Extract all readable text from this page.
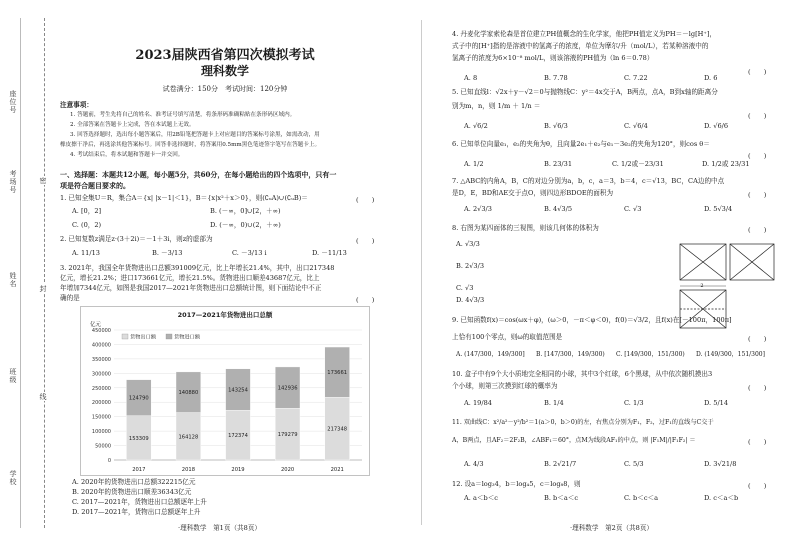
座位号
考场号
姓名
班级
学校
密
封
线
2023届陕西省第四次模拟考试
理科数学
试卷满分：150分　考试时间：120分钟
注意事项：
1. 答题前，考生先将自己的姓名、准考证号填写清楚，将条形码准确粘贴在条形码区域内。
2. 全部答案在答题卡上完成，答在本试题上无效。
3. 回答选择题时，选出每小题答案后，用2B铅笔把答题卡上对应题目的答案标号涂黑，如需改动，用
橡皮擦干净后，再选涂其他答案标号。回答非选择题时，将答案用0.5mm黑色笔迹签字笔写在答题卡上。
4. 考试结束后，将本试题和答题卡一并交回。
一、选择题：本题共12小题，每小题5分，共60分，在每小题给出的四个选项中，只有一
项是符合题目要求的。
1. 已知全集U＝R，集合A＝{x| |x－1|＜1}，B＝{x|x²＋x＞0}，则(∁ᵤA)∪(∁ᵤB)＝	(　　)
A. [0，2]	B. (－∞，0]∪[2，＋∞)
C. (0，2)	D. (－∞，0)∪(2，＋∞)
2. 已知复数z满足z·(3＋2i)＝－1＋3i，则z的虚部为	(　　)
A. 11/13	B. －3/13	C. －3/13 i	D. －11/13
3. 2021年，我国全年货物进出口总额391009亿元，比上年增长21.4%，其中，出口217348
亿元，增长21.2%；进口173661亿元，增长21.5%。货物进出口顺差43687亿元，比上
年增加7344亿元，如图是我国2017—2021年货物进出口总额统计图，则下面结论中不正
确的是	(　　)
2017—2021年货物进出口总额
亿元
0
50000
100000
150000
200000
250000
300000
350000
400000
450000
153309
124790
2017
164128
140880
2018
172374
143254
2019
179279
142936
2020
217348
173661
2021
货物出口额	货物进口额
A. 2020年的货物进出口总额322215亿元
B. 2020年的货物进出口顺差36343亿元
C. 2017—2021年，货物进出口总额逐年上升
D. 2017—2021年，货物出口总额逐年上升
·理科数学　第1页（共8页）
4. 丹麦化学家索伦森是首位建立PH值概念的生化学家，他把PH值定义为PH＝－lg[H⁺]，
式子中的[H⁺]指的是溶液中的氢离子的浓度，单位为摩尔/升（mol/L），若某种溶液中的
氢离子的浓度为6×10⁻⁸ mol/L，则该溶液的PH值为（ln 6＝0.78）
(　　)
A. 8	B. 7.78	C. 7.22	D. 6
5. 已知直线l：√2x＋y－√2＝0与抛物线C：y²＝4x交于A，B两点，点A，B到x轴的距离分
别为m，n，则 1/m ＋ 1/n ＝
(　　)
A. √6/2	B. √6/3	C. √6/4	D. √6/6
6. 已知单位向量e₁，e₂的夹角为θ，且向量2e₁＋e₂与e₁－3e₂的夹角为120°，则cos θ＝
(　　)
A. 1/2	B. 23/31	C. 1/2或－23/31	D. 1/2或 23/31
7. △ABC的内角A，B，C的对边分别为a，b，c，a＝3，b＝4，c＝√13，BC，CA边的中点
是D，E，BD和AE交于点O，则四边形BDOE的面积为	(　　)
A. 2√3/3	B. 4√3/5	C. √3	D. 5√3/4
8. 右图为某四面体的三视图，则该几何体的体积为	(　　)
A. √3/3
B. 2√3/3
C. √3
D. 4√3/3
2
9. 已知函数f(x)＝cos(ωx＋φ)，(ω＞0，－π＜φ＜0)，f(0)＝√3/2，且f(x)在[－100π，100π]
上恰有100个零点，则ω的取值范围是	(　　)
A. (147/300，149/300] B. [147/300，149/300) C. [149/300，151/300) D. (149/300，151/300]
10. 盒子中有9个大小质地完全相同的小球，其中3个红球，6个黑球，从中依次随机摸出3
个小球，则第三次摸到红球的概率为	(　　)
A. 19/84	B. 1/4	C. 1/3	D. 5/14
11. 双曲线C：x²/a²－y²/b²＝1(a＞0，b＞0)的左，右焦点分别为F₁，F₂，过F₁的直线与C交于
A，B两点，且AF₂＝2F₂B，∠ABF₁＝60°，点M为线段AF₁的中点，则 |F₁M|/|F₁F₂| ＝	(　　)
A. 4/3	B. 2√21/7	C. 5/3	D. 3√21/8
12. 设a＝log₃4，b＝log₄5，c＝log₈8，则	(　　)
A. a＜b＜c	B. b＜a＜c	C. b＜c＜a	D. c＜a＜b
·理科数学　第2页（共8页）
